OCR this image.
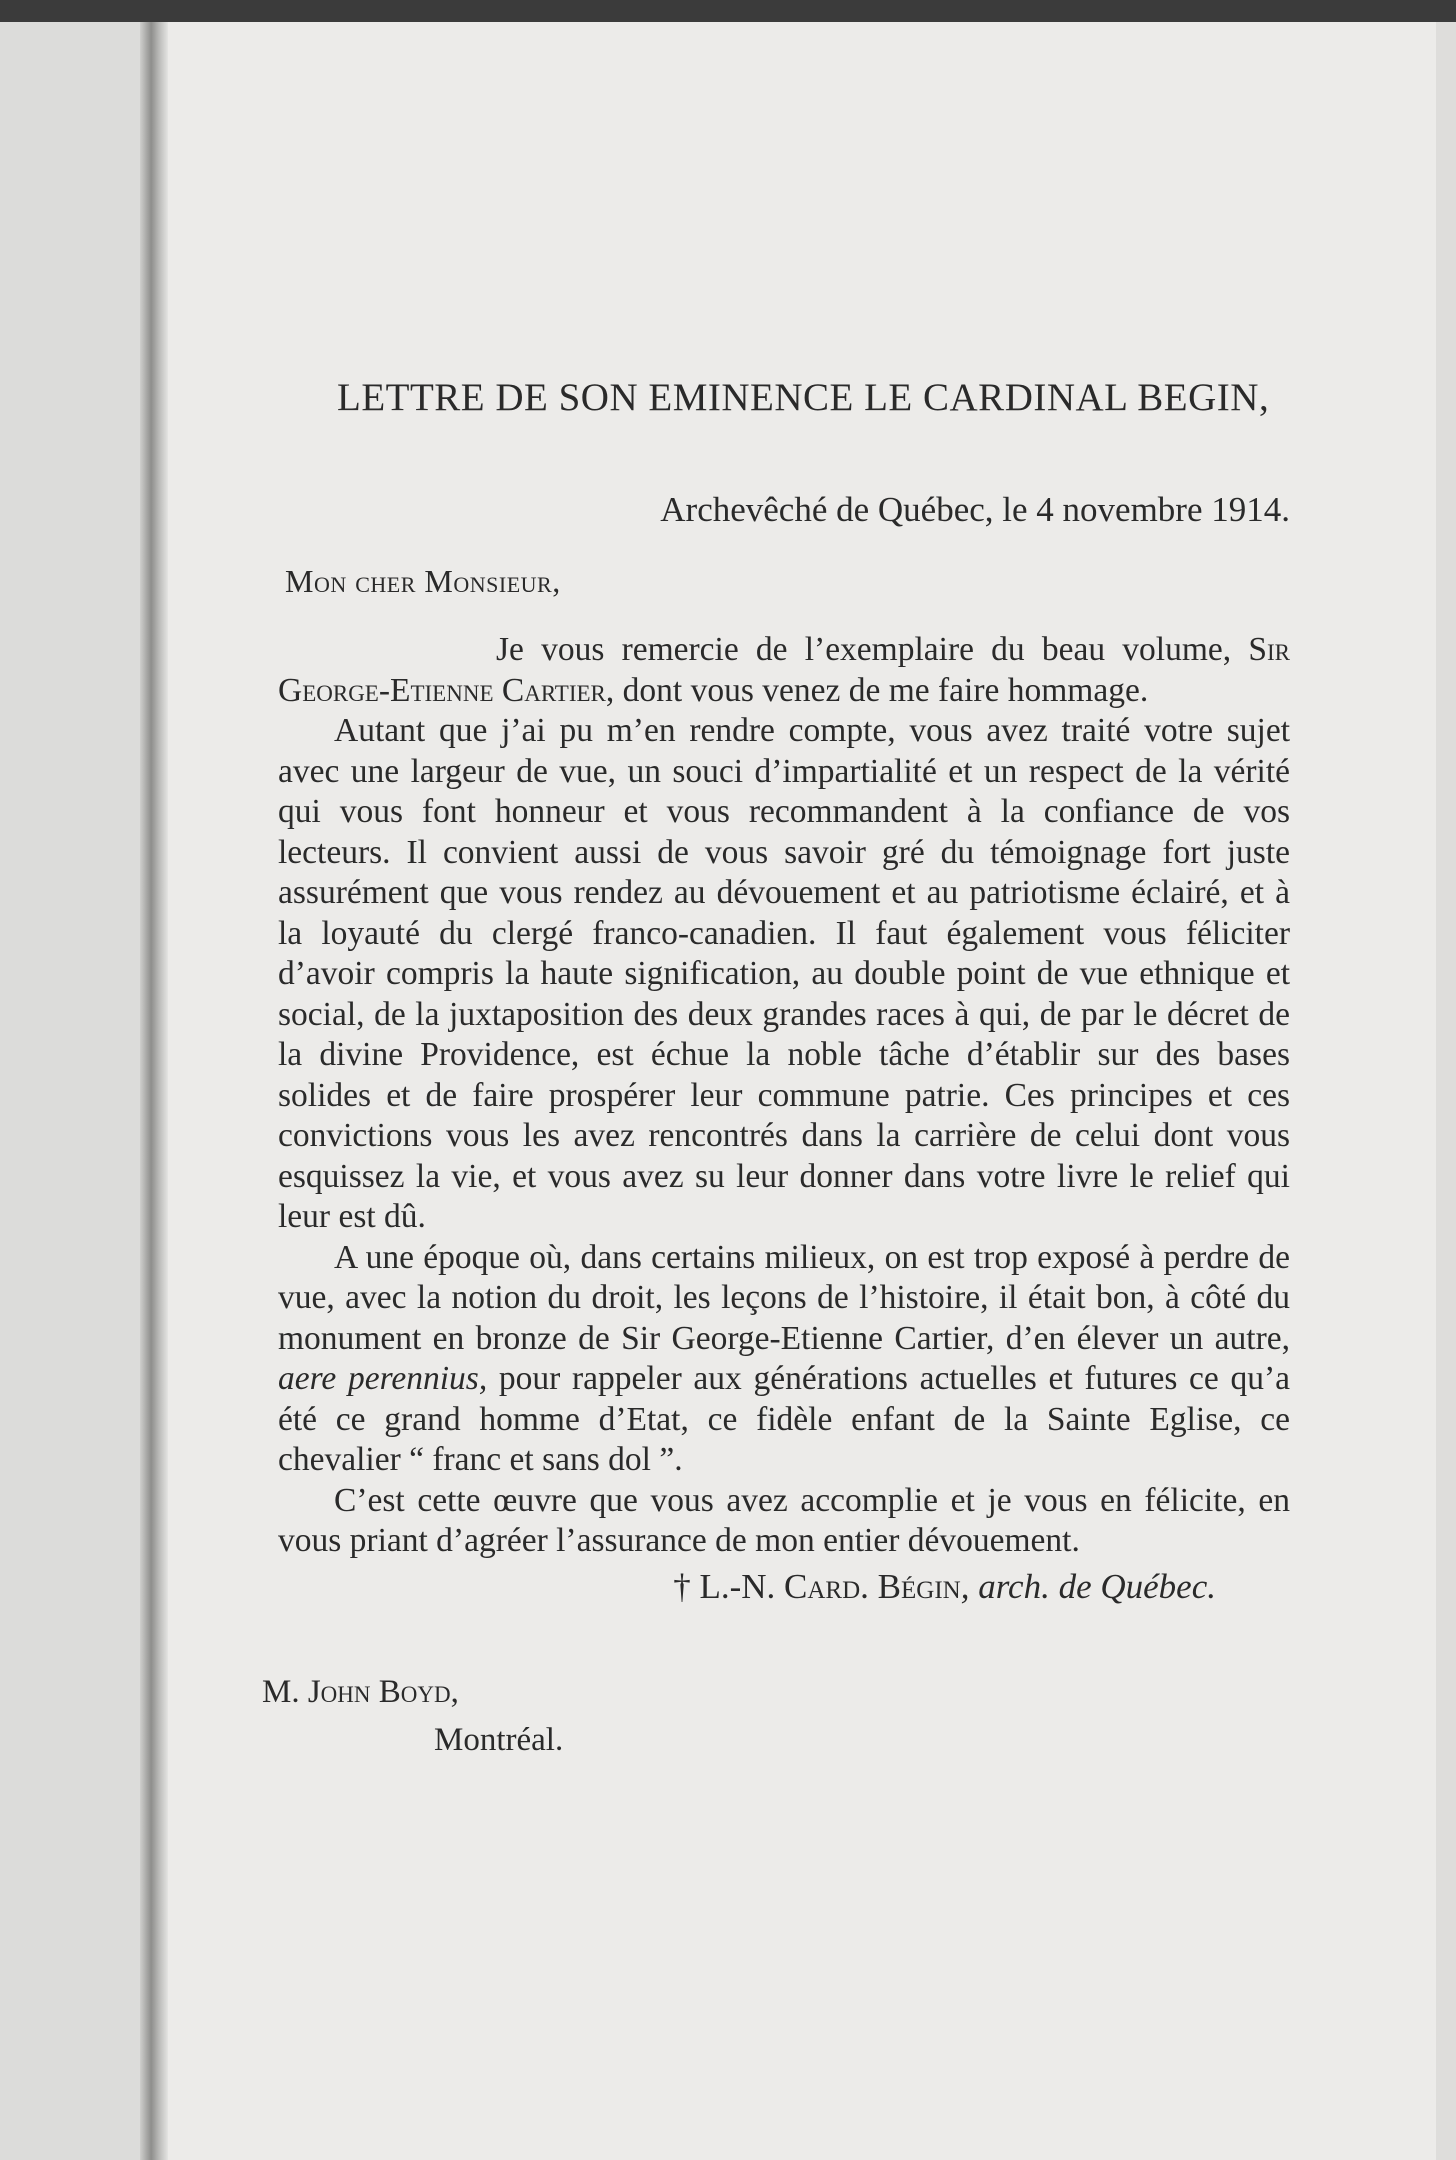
LETTRE DE SON EMINENCE LE CARDINAL BEGIN,
Archevêché de Québec, le 4 novembre 1914.
Mon cher Monsieur,

Je vous remercie de l’exemplaire du beau volume, Sir George-Etienne Cartier, dont vous venez de me faire hommage.

Autant que j’ai pu m’en rendre compte, vous avez traité votre sujet avec une largeur de vue, un souci d’impartialité et un respect de la vérité qui vous font honneur et vous recommandent à la confiance de vos lecteurs. Il convient aussi de vous savoir gré du témoignage fort juste assurément que vous rendez au dévouement et au patriotisme éclairé, et à la loyauté du clergé franco-canadien. Il faut également vous féliciter d’avoir compris la haute signification, au double point de vue ethnique et social, de la juxtaposition des deux grandes races à qui, de par le décret de la divine Providence, est échue la noble tâche d’établir sur des bases solides et de faire prospérer leur commune patrie. Ces principes et ces convictions vous les avez rencontrés dans la carrière de celui dont vous esquissez la vie, et vous avez su leur donner dans votre livre le relief qui leur est dû.

A une époque où, dans certains milieux, on est trop exposé à perdre de vue, avec la notion du droit, les leçons de l’histoire, il était bon, à côté du monument en bronze de Sir George-Etienne Cartier, d’en élever un autre, aere perennius, pour rappeler aux générations actuelles et futures ce qu’a été ce grand homme d’Etat, ce fidèle enfant de la Sainte Eglise, ce chevalier “ franc et sans dol ”.

C’est cette œuvre que vous avez accomplie et je vous en félicite, en vous priant d’agréer l’assurance de mon entier dévouement.

† L.-N. Card. Bégin, arch. de Québec.
M. John Boyd,
Montréal.
